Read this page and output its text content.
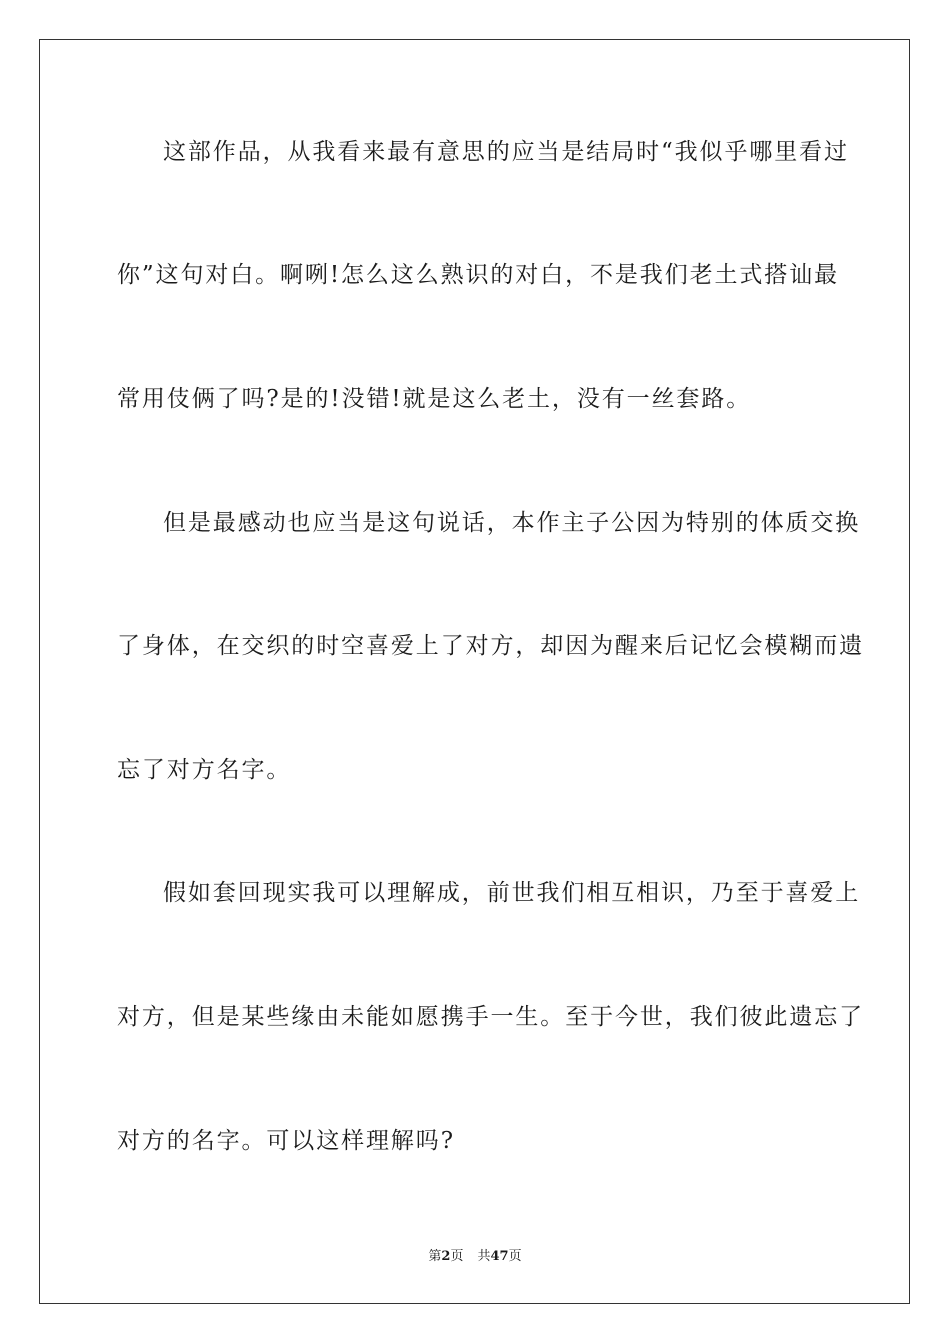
这部作品，从我看来最有意思的应当是结局时“我似乎哪里看过
你”这句对白。啊咧!怎么这么熟识的对白，不是我们老土式搭讪最
常用伎俩了吗?是的!没错!就是这么老土，没有一丝套路。
但是最感动也应当是这句说话，本作主子公因为特别的体质交换
了身体，在交织的时空喜爱上了对方，却因为醒来后记忆会模糊而遗
忘了对方名字。
假如套回现实我可以理解成，前世我们相互相识，乃至于喜爱上
对方，但是某些缘由未能如愿携手一生。至于今世，我们彼此遗忘了
对方的名字。可以这样理解吗?
第2页 共47页
